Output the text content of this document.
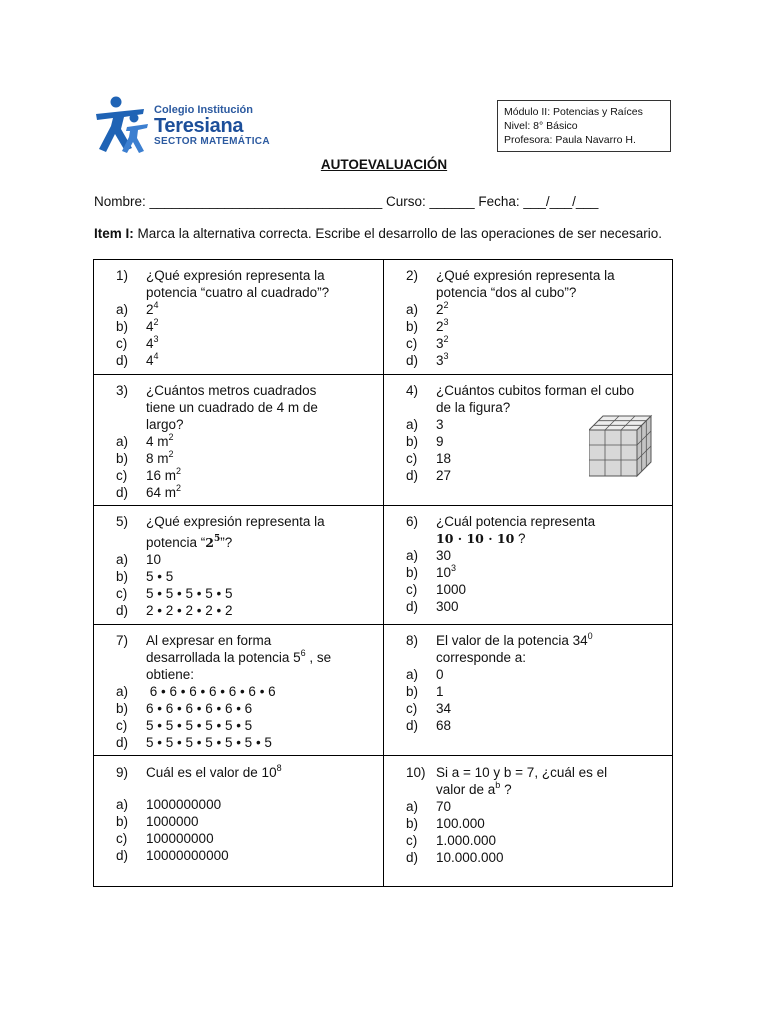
Colegio Institución
Teresiana
SECTOR MATEMÁTICA
Módulo II: Potencias y Raíces
Nivel: 8° Básico
Profesora: Paula Navarro H.
AUTOEVALUACIÓN
Nombre: _______________________________ Curso: ______ Fecha: ___/___/___
Item I: Marca la alternativa correcta. Escribe el desarrollo de las operaciones de ser necesario.
1) ¿Qué expresión representa la
potencia “cuatro al cuadrado”?
a) $2^4$
b) $4^2$
c) $4^3$
d) $4^4$
2) ¿Qué expresión representa la
potencia “dos al cubo”?
a) $2^2$
b) $2^3$
c) $3^2$
d) $3^3$
3) ¿Cuántos metros cuadrados
tiene un cuadrado de 4 m de
largo?
a) 4 $m^2$
b) 8 $m^2$
c) 16 $m^2$
d) 64 $m^2$
4) ¿Cuántos cubitos forman el cubo
de la figura?
a) 3
b) 9
c) 18
d) 27
5) ¿Qué expresión representa la
potencia “$2^5$”?
a) 10
b) 5 • 5
c) 5 • 5 • 5 • 5 • 5
d) 2 • 2 • 2 • 2 • 2
6) ¿Cuál potencia representa
10 · 10 · 10 ?
a) 30
b) $10^3$
c) 1000
d) 300
7) Al expresar en forma
desarrollada la potencia $5^6$ , se
obtiene:
a) 6 • 6 • 6 • 6 • 6 • 6 • 6
b) 6 • 6 • 6 • 6 • 6 • 6
c) 5 • 5 • 5 • 5 • 5 • 5
d) 5 • 5 • 5 • 5 • 5 • 5 • 5
8) El valor de la potencia $34^0$
corresponde a:
a) 0
b) 1
c) 34
d) 68
9) Cuál es el valor de $10^8$
a) 1000000000
b) 1000000
c) 100000000
d) 10000000000
10) Si a = 10 y b = 7, ¿cuál es el
valor de $a^b$ ?
a) 70
b) 100.000
c) 1.000.000
d) 10.000.000
